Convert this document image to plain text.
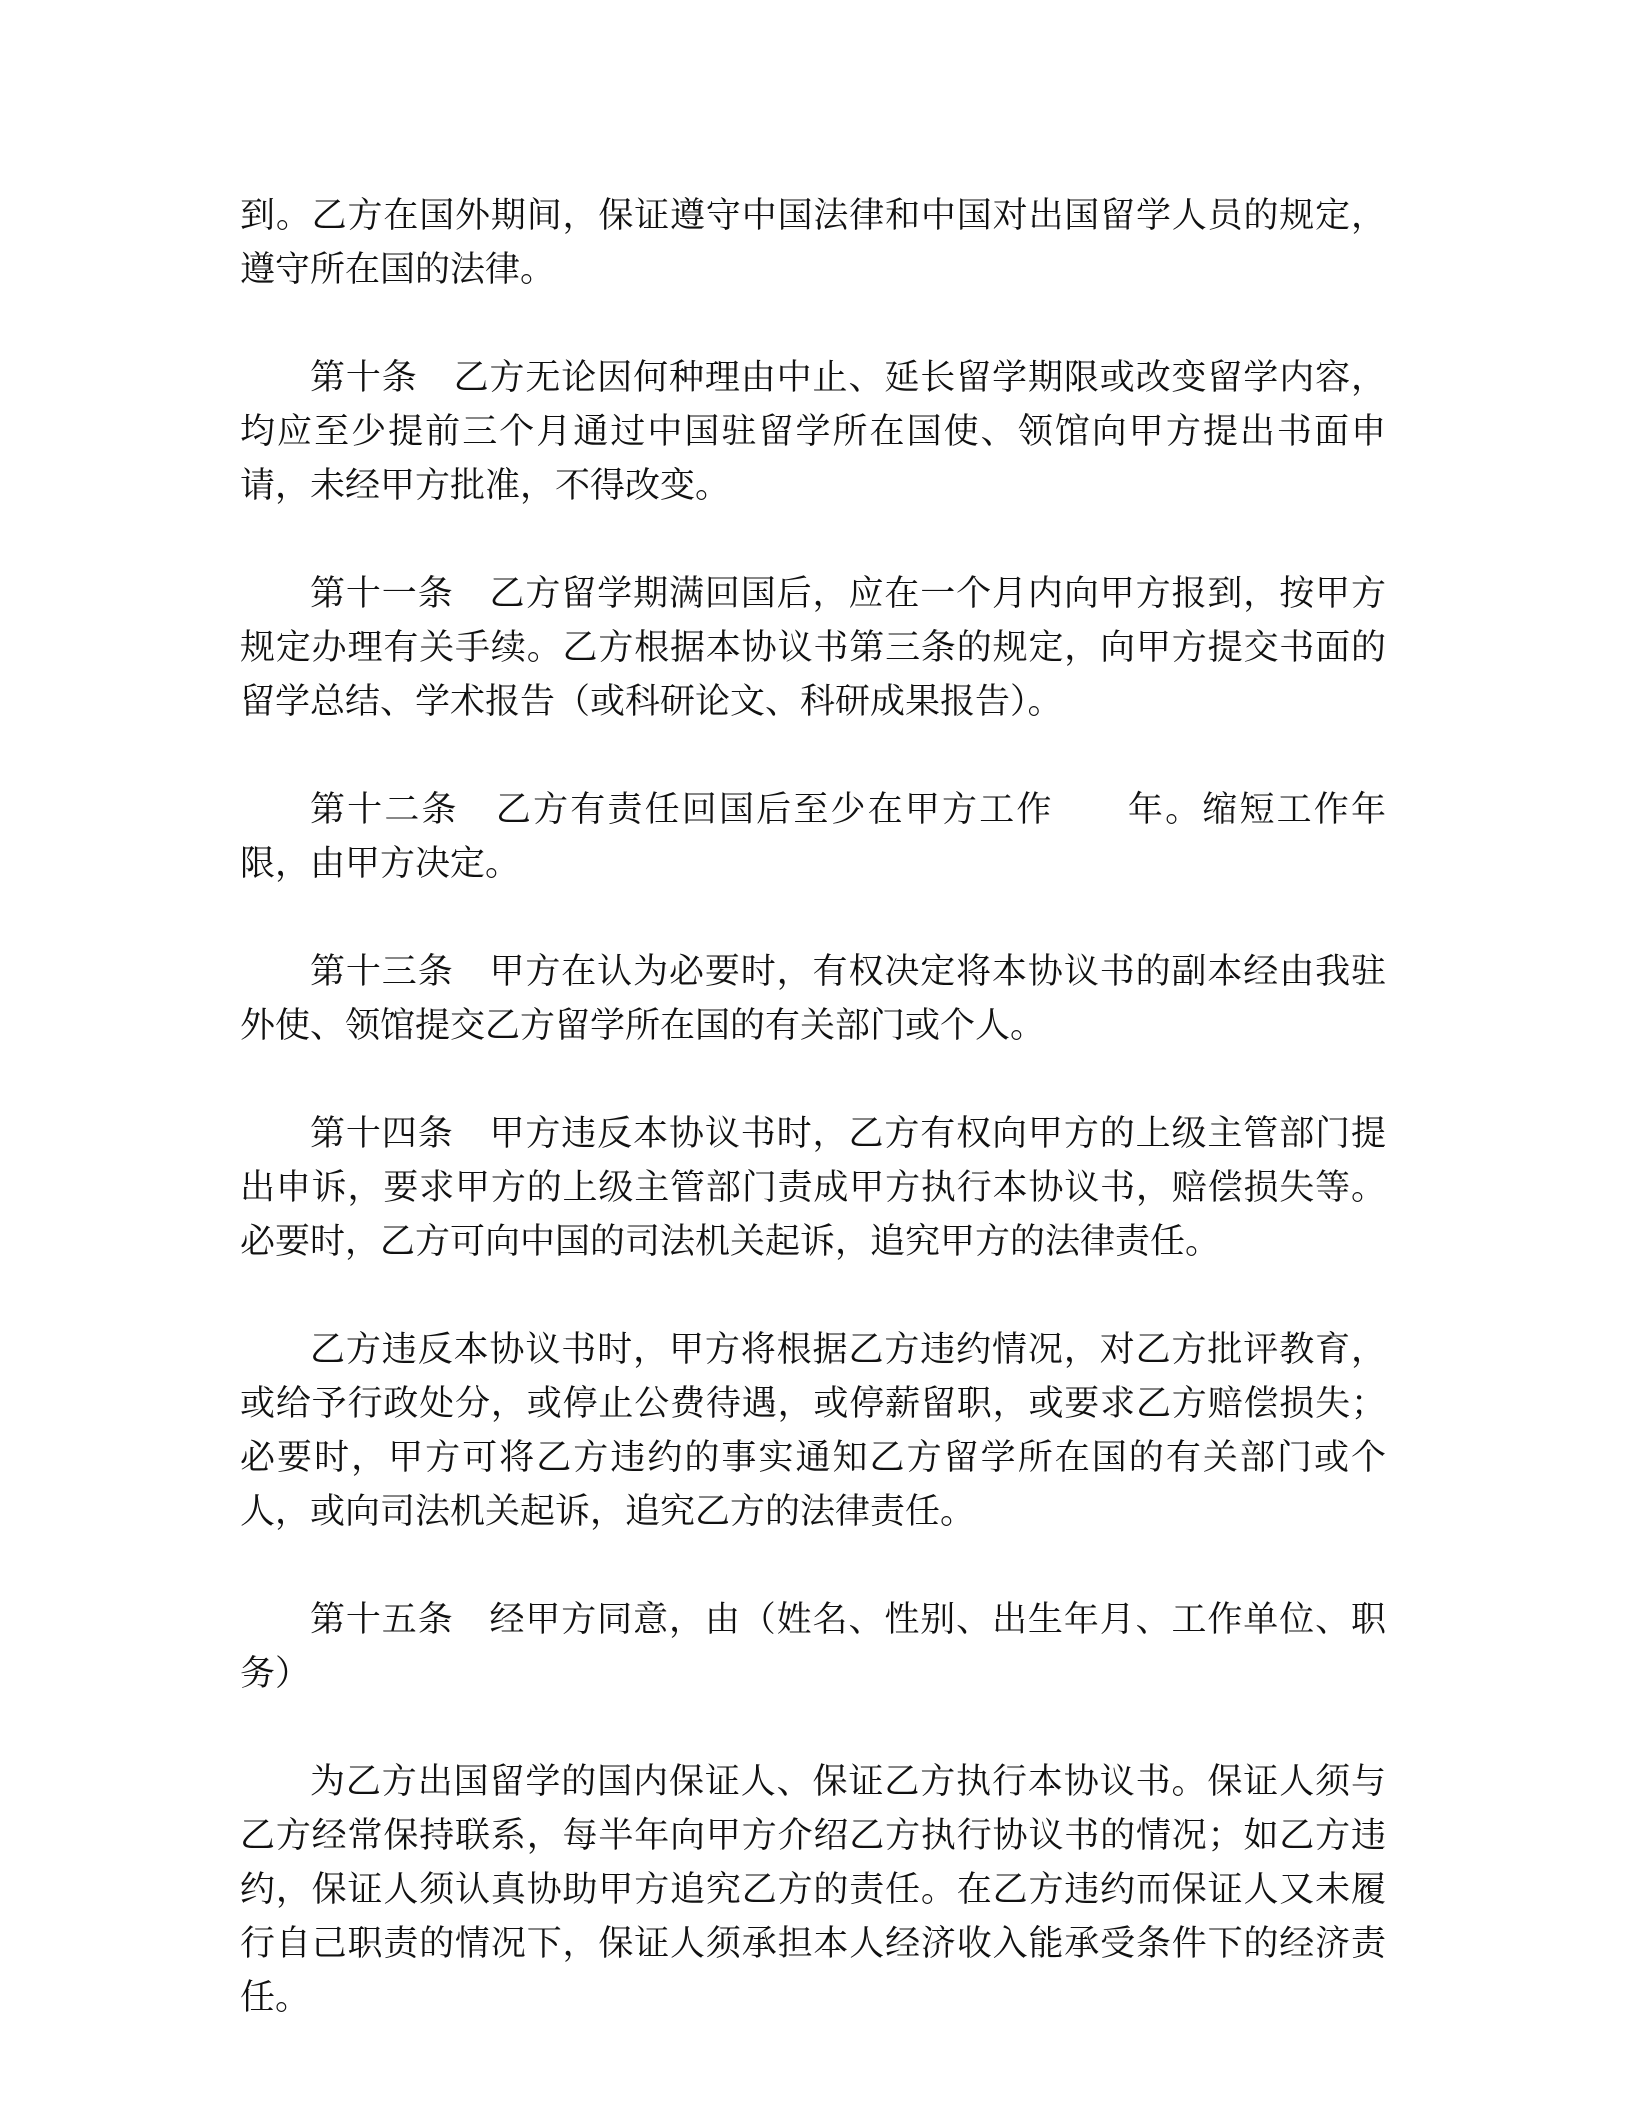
到。乙方在国外期间，保证遵守中国法律和中国对出国留学人员的规定，遵守所在国的法律。

第十条　乙方无论因何种理由中止、延长留学期限或改变留学内容，均应至少提前三个月通过中国驻留学所在国使、领馆向甲方提出书面申请，未经甲方批准，不得改变。

第十一条　乙方留学期满回国后，应在一个月内向甲方报到，按甲方规定办理有关手续。乙方根据本协议书第三条的规定，向甲方提交书面的留学总结、学术报告（或科研论文、科研成果报告）。

第十二条　乙方有责任回国后至少在甲方工作　　年。缩短工作年限，由甲方决定。

第十三条　甲方在认为必要时，有权决定将本协议书的副本经由我驻外使、领馆提交乙方留学所在国的有关部门或个人。

第十四条　甲方违反本协议书时，乙方有权向甲方的上级主管部门提出申诉，要求甲方的上级主管部门责成甲方执行本协议书，赔偿损失等。必要时，乙方可向中国的司法机关起诉，追究甲方的法律责任。

乙方违反本协议书时，甲方将根据乙方违约情况，对乙方批评教育，或给予行政处分，或停止公费待遇，或停薪留职，或要求乙方赔偿损失；必要时，甲方可将乙方违约的事实通知乙方留学所在国的有关部门或个人，或向司法机关起诉，追究乙方的法律责任。

第十五条　经甲方同意，由（姓名、性别、出生年月、工作单位、职务）

为乙方出国留学的国内保证人、保证乙方执行本协议书。保证人须与乙方经常保持联系，每半年向甲方介绍乙方执行协议书的情况；如乙方违约，保证人须认真协助甲方追究乙方的责任。在乙方违约而保证人又未履行自己职责的情况下，保证人须承担本人经济收入能承受条件下的经济责任。
